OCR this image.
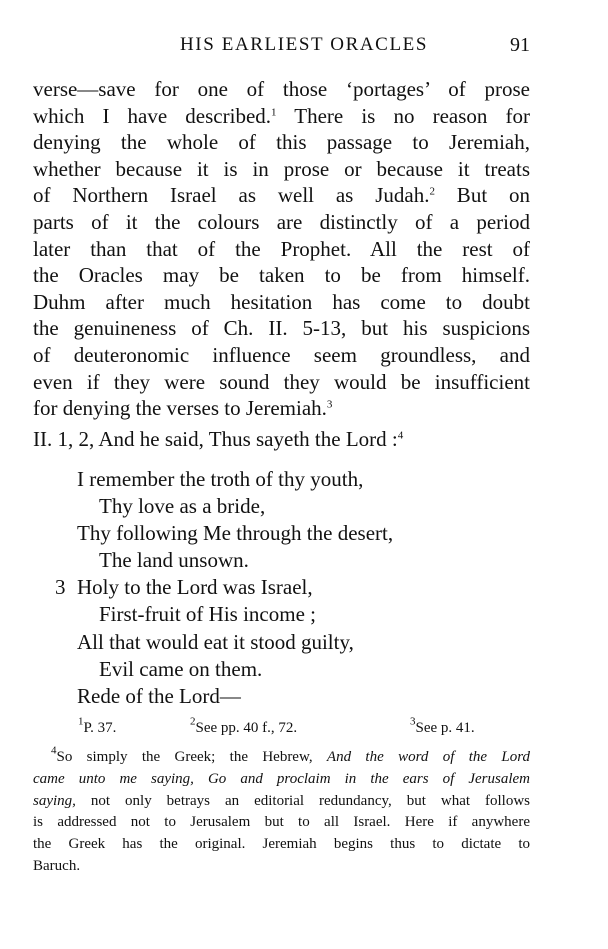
HIS EARLIEST ORACLES	91
verse—save for one of those ‘portages’ of prose
which I have described.$^1$ There is no reason for
denying the whole of this passage to Jeremiah,
whether because it is in prose or because it treats
of Northern Israel as well as Judah.$^2$ But on
parts of it the colours are distinctly of a period
later than that of the Prophet. All the rest of
the Oracles may be taken to be from himself.
Duhm after much hesitation has come to doubt
the genuineness of Ch. II. 5-13, but his suspicions
of deuteronomic influence seem groundless, and
even if they were sound they would be insufficient
for denying the verses to Jeremiah.$^3$
II. 1, 2, And he said, Thus sayeth the Lord :$^4$
I remember the troth of thy youth,
Thy love as a bride,
Thy following Me through the desert,
The land unsown.
3 Holy to the Lord was Israel,
First-fruit of His income ;
All that would eat it stood guilty,
Evil came on them.
Rede of the Lord—
$^1$P. 37.	$^2$See pp. 40 f., 72.	$^3$See p. 41.
$^4$So simply the Greek; the Hebrew, And the word of the Lord
came unto me saying, Go and proclaim in the ears of Jerusalem
saying, not only betrays an editorial redundancy, but what follows
is addressed not to Jerusalem but to all Israel. Here if anywhere
the Greek has the original. Jeremiah begins thus to dictate to
Baruch.
